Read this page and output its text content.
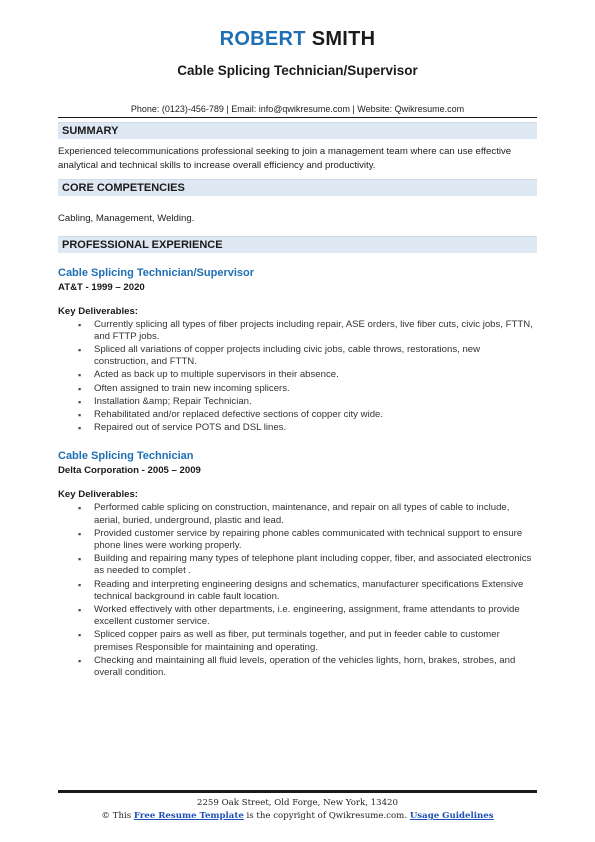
ROBERT SMITH
Cable Splicing Technician/Supervisor
Phone: (0123)-456-789 | Email: info@qwikresume.com | Website: Qwikresume.com
SUMMARY
Experienced telecommunications professional seeking to join a management team where can use effective analytical and technical skills to increase overall efficiency and productivity.
CORE COMPETENCIES
Cabling, Management, Welding.
PROFESSIONAL EXPERIENCE
Cable Splicing Technician/Supervisor
AT&T - 1999 – 2020
Key Deliverables:
▪ Currently splicing all types of fiber projects including repair, ASE orders, live fiber cuts, civic jobs, FTTN, and FTTP jobs.
▪ Spliced all variations of copper projects including civic jobs, cable throws, restorations, new construction, and FTTN.
▪ Acted as back up to multiple supervisors in their absence.
▪ Often assigned to train new incoming splicers.
▪ Installation &amp; Repair Technician.
▪ Rehabilitated and/or replaced defective sections of copper city wide.
▪ Repaired out of service POTS and DSL lines.
Cable Splicing Technician
Delta Corporation - 2005 – 2009
Key Deliverables:
▪ Performed cable splicing on construction, maintenance, and repair on all types of cable to include, aerial, buried, underground, plastic and lead.
▪ Provided customer service by repairing phone cables communicated with technical support to ensure phone lines were working properly.
▪ Building and repairing many types of telephone plant including copper, fiber, and associated electronics as needed to complet .
▪ Reading and interpreting engineering designs and schematics, manufacturer specifications Extensive technical background in cable fault location.
▪ Worked effectively with other departments, i.e. engineering, assignment, frame attendants to provide excellent customer service.
▪ Spliced copper pairs as well as fiber, put terminals together, and put in feeder cable to customer premises Responsible for maintaining and operating.
▪ Checking and maintaining all fluid levels, operation of the vehicles lights, horn, brakes, strobes, and overall condition.
2259 Oak Street, Old Forge, New York, 13420
© This Free Resume Template is the copyright of Qwikresume.com. Usage Guidelines
